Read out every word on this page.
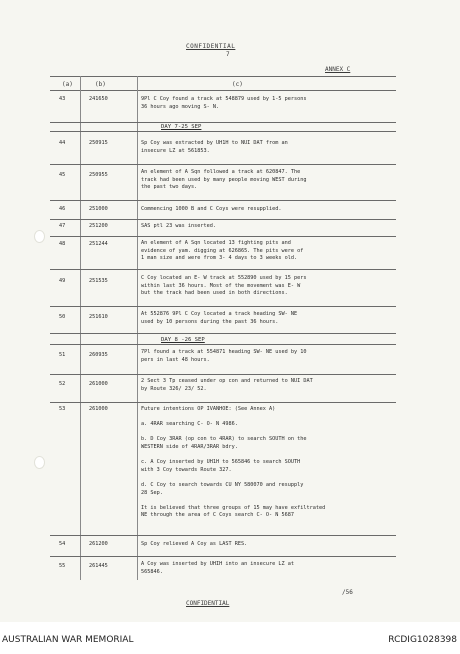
CONFIDENTIAL
7
ANNEX C
(a)	(b)	(c)
43	241650	9Pl C Coy found a track at 548879 used by 1-5 persons
36 hours ago moving S- N.
DAY 7-25 SEP
44	250915	Sp Coy was extracted by UH1H to NUI DAT from an
insecure LZ at 561853.
45	250955	An element of A Sqn followed a track at 620847. The
track had been used by many people moving WEST during
the past two days.
46	251000	Commencing 1000 B and C Coys were resupplied.
47	251200	SAS ptl 23 was inserted.
48	251244	An element of A Sqn located 13 fighting pits and
evidence of yam. digging at 626865. The pits were of
1 man size and were from 3- 4 days to 3 weeks old.
49	251535	C Coy located an E- W track at 552890 used by 15 pers
within last 36 hours. Most of the movement was E- W
but the track had been used in both directions.
50	251610	At 552876 9Pl C Coy located a track heading SW- NE
used by 10 persons during the past 36 hours.
DAY 8 -26 SEP
51	260935	7Pl found a track at 554871 heading SW- NE used by 10
pers in last 48 hours.
52	261000	2 Sect 3 Tp ceased under op con and returned to NUI DAT
by Route 326/ 23/ 52.
53	261000	Future intentions OP IVANHOE: (See Annex A)

a. 4RAR searching C- O- N 4986.

b. D Coy 3RAR (op con to 4RAR) to search SOUTH on the
WESTERN side of 4RAR/3RAR bdry.

c. A Coy inserted by UH1H to 565846 to search SOUTH
with 3 Coy towards Route 327.

d. C Coy to search towards CU NY 580070 and resupply
28 Sep.

It is believed that three groups of 15 may have exfiltrated
NE through the area of C Coys search C- O- N 5687
54	261200	Sp Coy relieved A Coy as LAST RES.
55	261445	A Coy was inserted by UHIH into an insecure LZ at
565846.
/56
CONFIDENTIAL
AUSTRALIAN WAR MEMORIAL	RCDIG1028398
